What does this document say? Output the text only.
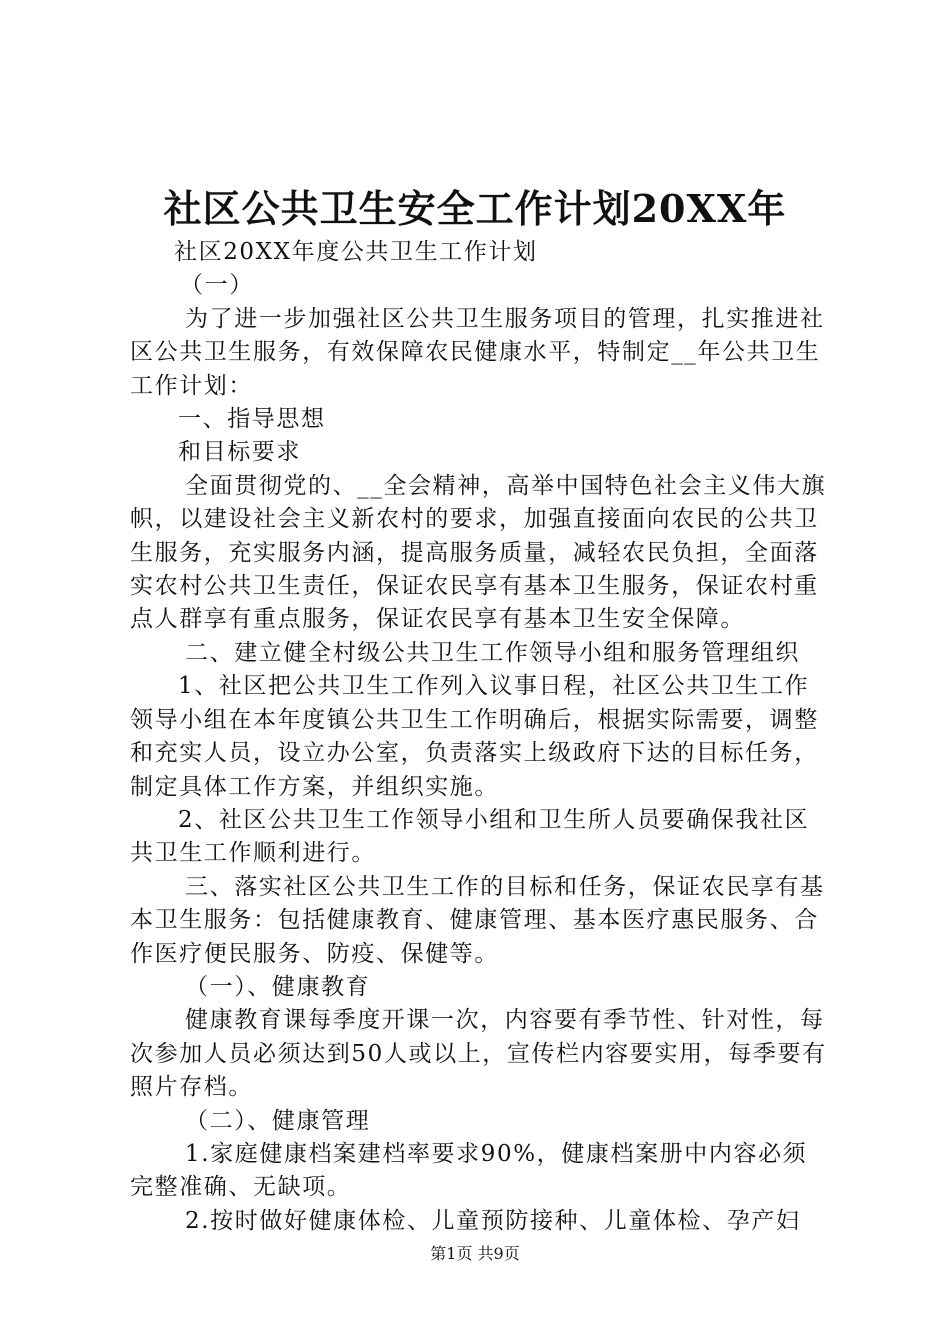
社区公共卫生安全工作计划20XX年

社区20XX年度公共卫生工作计划

（一）

为了进一步加强社区公共卫生服务项目的管理，扎实推进社区公共卫生服务，有效保障农民健康水平，特制定__年公共卫生工作计划：

一、指导思想

和目标要求

全面贯彻党的、__全会精神，高举中国特色社会主义伟大旗帜，以建设社会主义新农村的要求，加强直接面向农民的公共卫生服务，充实服务内涵，提高服务质量，减轻农民负担，全面落实农村公共卫生责任，保证农民享有基本卫生服务，保证农村重点人群享有重点服务，保证农民享有基本卫生安全保障。

二、建立健全村级公共卫生工作领导小组和服务管理组织

1、社区把公共卫生工作列入议事日程，社区公共卫生工作领导小组在本年度镇公共卫生工作明确后，根据实际需要，调整和充实人员，设立办公室，负责落实上级政府下达的目标任务，制定具体工作方案，并组织实施。

2、社区公共卫生工作领导小组和卫生所人员要确保我社区共卫生工作顺利进行。

三、落实社区公共卫生工作的目标和任务，保证农民享有基本卫生服务：包括健康教育、健康管理、基本医疗惠民服务、合作医疗便民服务、防疫、保健等。

（一）、健康教育

健康教育课每季度开课一次，内容要有季节性、针对性，每次参加人员必须达到50人或以上，宣传栏内容要实用，每季要有照片存档。

（二）、健康管理

1.家庭健康档案建档率要求90%，健康档案册中内容必须完整准确、无缺项。

2.按时做好健康体检、儿童预防接种、儿童体检、孕产妇

第1页 共9页
